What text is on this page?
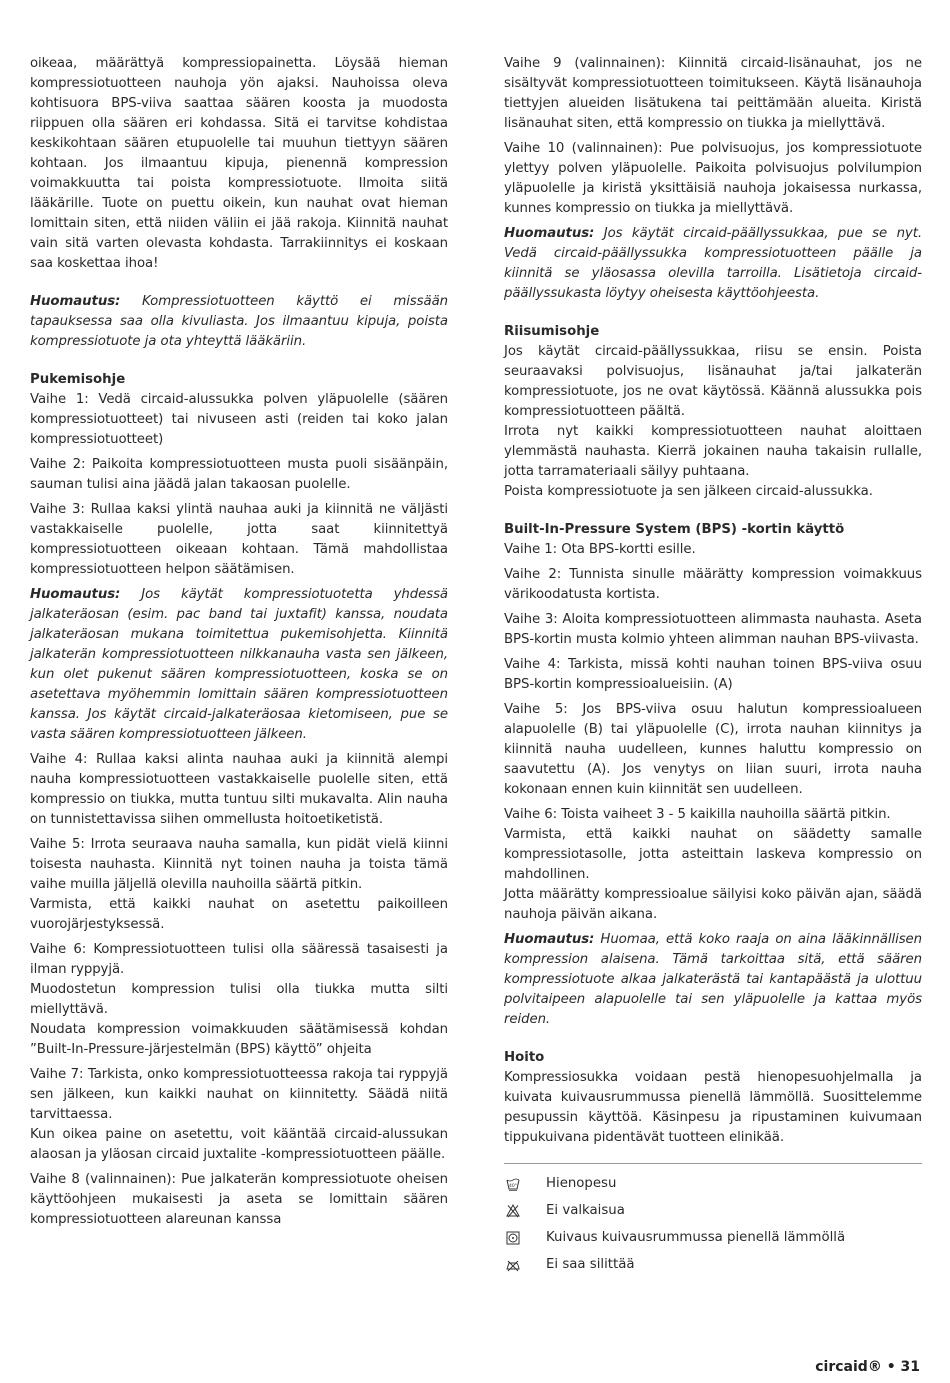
oikeaa, määrättyä kompressiopainetta. Löysää hieman kompressiotuotteen nauhoja yön ajaksi. Nauhoissa oleva kohtisuora BPS-viiva saattaa säären koosta ja muodosta riippuen olla säären eri kohdassa. Sitä ei tarvitse kohdistaa keskikohtaan säären etupuolelle tai muuhun tiettyyn säären kohtaan. Jos ilmaantuu kipuja, pienennä kompression voimakkuutta tai poista kompressiotuote. Ilmoita siitä lääkärille. Tuote on puettu oikein, kun nauhat ovat hieman lomittain siten, että niiden väliin ei jää rakoja. Kiinnitä nauhat vain sitä varten olevasta kohdasta. Tarrakiinnitys ei koskaan saa koskettaa ihoa!

Huomautus: Kompressiotuotteen käyttö ei missään tapauksessa saa olla kivuliasta. Jos ilmaantuu kipuja, poista kompressiotuote ja ota yhteyttä lääkäriin.

Pukemisohje

Vaihe 1: Vedä circaid-alussukka polven yläpuolelle (säären kompressiotuotteet) tai nivuseen asti (reiden tai koko jalan kompressiotuotteet)

Vaihe 2: Paikoita kompressiotuotteen musta puoli sisäänpäin, sauman tulisi aina jäädä jalan takaosan puolelle.

Vaihe 3: Rullaa kaksi ylintä nauhaa auki ja kiinnitä ne väljästi vastakkaiselle puolelle, jotta saat kiinnitettyä kompressiotuotteen oikeaan kohtaan. Tämä mahdollistaa kompressiotuotteen helpon säätämisen.

Huomautus: Jos käytät kompressiotuotetta yhdessä jalkateräosan (esim. pac band tai juxtafit) kanssa, noudata jalkateräosan mukana toimitettua pukemisohjetta. Kiinnitä jalkaterän kompressiotuotteen nilkkanauha vasta sen jälkeen, kun olet pukenut säären kompressiotuotteen, koska se on asetettava myöhemmin lomittain säären kompressiotuotteen kanssa. Jos käytät circaid-jalkateräosaa kietomiseen, pue se vasta säären kompressiotuotteen jälkeen.

Vaihe 4: Rullaa kaksi alinta nauhaa auki ja kiinnitä alempi nauha kompressiotuotteen vastakkaiselle puolelle siten, että kompressio on tiukka, mutta tuntuu silti mukavalta. Alin nauha on tunnistettavissa siihen ommellusta hoitoetiketistä.

Vaihe 5: Irrota seuraava nauha samalla, kun pidät vielä kiinni toisesta nauhasta. Kiinnitä nyt toinen nauha ja toista tämä vaihe muilla jäljellä olevilla nauhoilla säärtä pitkin.

Varmista, että kaikki nauhat on asetettu paikoilleen vuorojärjestyksessä.

Vaihe 6: Kompressiotuotteen tulisi olla sääressä tasaisesti ja ilman ryppyjä.

Muodostetun kompression tulisi olla tiukka mutta silti miellyttävä.

Noudata kompression voimakkuuden säätämisessä kohdan ”Built-In-Pressure-järjestelmän (BPS) käyttö” ohjeita

Vaihe 7: Tarkista, onko kompressiotuotteessa rakoja tai ryppyjä sen jälkeen, kun kaikki nauhat on kiinnitetty. Säädä niitä tarvittaessa.

Kun oikea paine on asetettu, voit kääntää circaid-alussukan alaosan ja yläosan circaid juxtalite -kompressiotuotteen päälle.

Vaihe 8 (valinnainen): Pue jalkaterän kompressiotuote oheisen käyttöohjeen mukaisesti ja aseta se lomittain säären kompressiotuotteen alareunan kanssa

Vaihe 9 (valinnainen): Kiinnitä circaid-lisänauhat, jos ne sisältyvät kompressiotuotteen toimitukseen. Käytä lisänauhoja tiettyjen alueiden lisätukena tai peittämään alueita. Kiristä lisänauhat siten, että kompressio on tiukka ja miellyttävä.

Vaihe 10 (valinnainen): Pue polvisuojus, jos kompressiotuote ylettyy polven yläpuolelle. Paikoita polvisuojus polvilumpion yläpuolelle ja kiristä yksittäisiä nauhoja jokaisessa nurkassa, kunnes kompressio on tiukka ja miellyttävä.

Huomautus: Jos käytät circaid-päällyssukkaa, pue se nyt. Vedä circaid-päällyssukka kompressiotuotteen päälle ja kiinnitä se yläosassa olevilla tarroilla. Lisätietoja circaid-päällyssukasta löytyy oheisesta käyttöohjeesta.

Riisumisohje

Jos käytät circaid-päällyssukkaa, riisu se ensin. Poista seuraavaksi polvisuojus, lisänauhat ja/tai jalkaterän kompressiotuote, jos ne ovat käytössä. Käännä alussukka pois kompressiotuotteen päältä.

Irrota nyt kaikki kompressiotuotteen nauhat aloittaen ylemmästä nauhasta. Kierrä jokainen nauha takaisin rullalle, jotta tarramateriaali säilyy puhtaana.

Poista kompressiotuote ja sen jälkeen circaid-alussukka.

Built-In-Pressure System (BPS) -kortin käyttö

Vaihe 1: Ota BPS-kortti esille.

Vaihe 2: Tunnista sinulle määrätty kompression voimakkuus värikoodatusta kortista.

Vaihe 3: Aloita kompressiotuotteen alimmasta nauhasta. Aseta BPS-kortin musta kolmio yhteen alimman nauhan BPS-viivasta.

Vaihe 4: Tarkista, missä kohti nauhan toinen BPS-viiva osuu BPS-kortin kompressioalueisiin. (A)

Vaihe 5: Jos BPS-viiva osuu halutun kompressioalueen alapuolelle (B) tai yläpuolelle (C), irrota nauhan kiinnitys ja kiinnitä nauha uudelleen, kunnes haluttu kompressio on saavutettu (A). Jos venytys on liian suuri, irrota nauha kokonaan ennen kuin kiinnität sen uudelleen.

Vaihe 6: Toista vaiheet 3 - 5 kaikilla nauhoilla säärtä pitkin.

Varmista, että kaikki nauhat on säädetty samalle kompressiotasolle, jotta asteittain laskeva kompressio on mahdollinen.

Jotta määrätty kompressioalue säilyisi koko päivän ajan, säädä nauhoja päivän aikana.

Huomautus: Huomaa, että koko raaja on aina lääkinnällisen kompression alaisena. Tämä tarkoittaa sitä, että säären kompressiotuote alkaa jalkaterästä tai kantapäästä ja ulottuu polvitaipeen alapuolelle tai sen yläpuolelle ja kattaa myös reiden.

Hoito

Kompressiosukka voidaan pestä hienopesuohjelmalla ja kuivata kuivausrummussa pienellä lämmöllä. Suosittelemme pesupussin käyttöä. Käsinpesu ja ripustaminen kuivumaan tippukuivana pidentävät tuotteen elinikää.

40° Hienopesu
Ei valkaisua
Kuivaus kuivausrummussa pienellä lämmöllä
Ei saa silittää
circaid® • 31
